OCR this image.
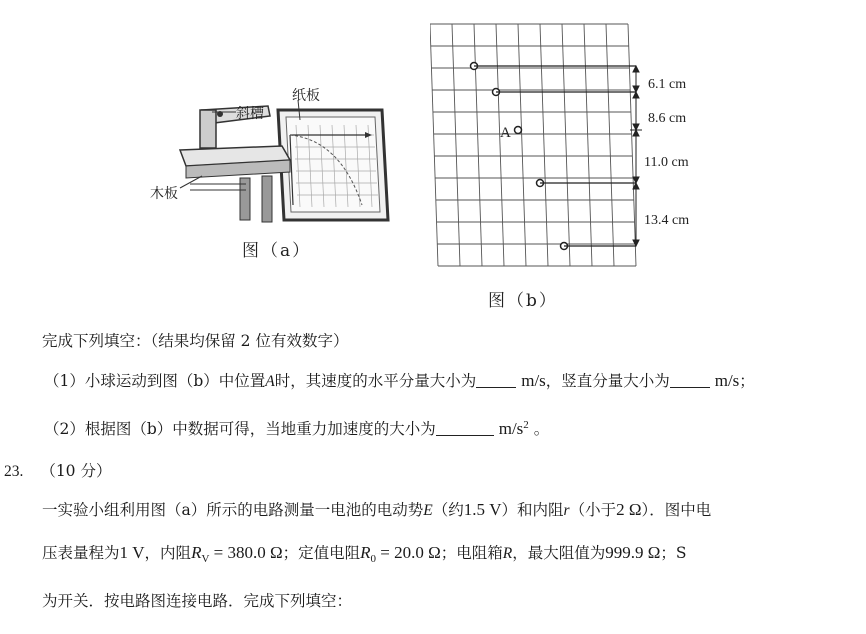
纸板
斜槽
木板
图（a）
A
6.1 cm
8.6 cm
11.0 cm
13.4 cm
图（b）
完成下列填空：（结果均保留 2 位有效数字）
（1）小球运动到图（b）中位置A时，其速度的水平分量大小为	m/s，竖直分量大小为	m/s；
（2）根据图（b）中数据可得，当地重力加速度的大小为	$m/s^2$ 。
23. （10 分）
一实验小组利用图（a）所示的电路测量一电池的电动势E（约1.5 V）和内阻r（小于2 Ω）．图中电
压表量程为1 V，内阻$R_V = 380.0$ Ω；定值电阻$R_0 = 20.0$ Ω；电阻箱R，最大阻值为999.9 Ω；S
为开关．按电路图连接电路．完成下列填空：
